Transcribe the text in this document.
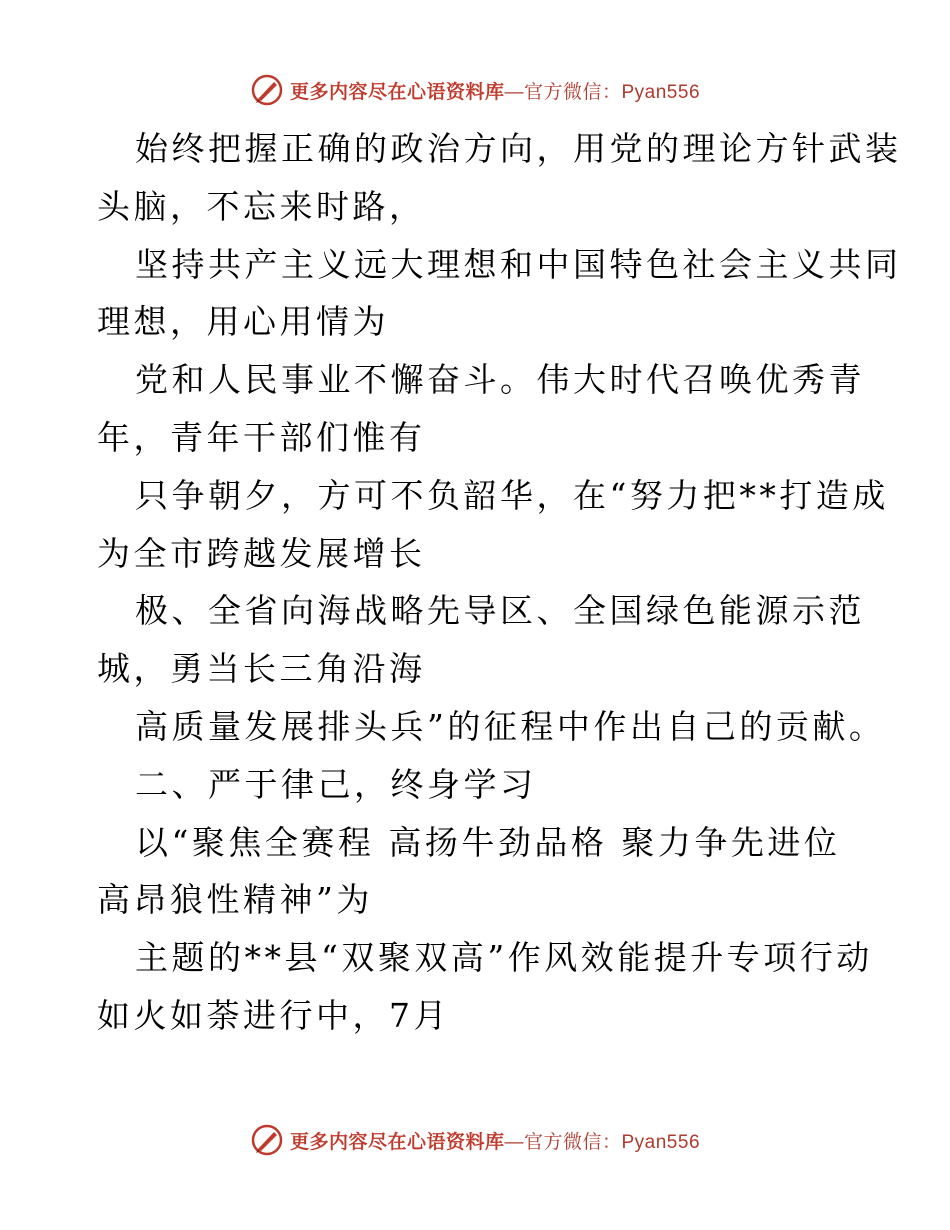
更多内容尽在心语资料库—官方微信：Pyan556
始终把握正确的政治方向，用党的理论方针武装
头脑，不忘来时路，
坚持共产主义远大理想和中国特色社会主义共同
理想，用心用情为
党和人民事业不懈奋斗。伟大时代召唤优秀青
年，青年干部们惟有
只争朝夕，方可不负韶华，在“努力把**打造成
为全市跨越发展增长
极、全省向海战略先导区、全国绿色能源示范
城，勇当长三角沿海
高质量发展排头兵”的征程中作出自己的贡献。
二、严于律己，终身学习
以“聚焦全赛程 高扬牛劲品格 聚力争先进位
高昂狼性精神”为
主题的**县“双聚双高”作风效能提升专项行动
如火如荼进行中，7月
更多内容尽在心语资料库—官方微信：Pyan556
